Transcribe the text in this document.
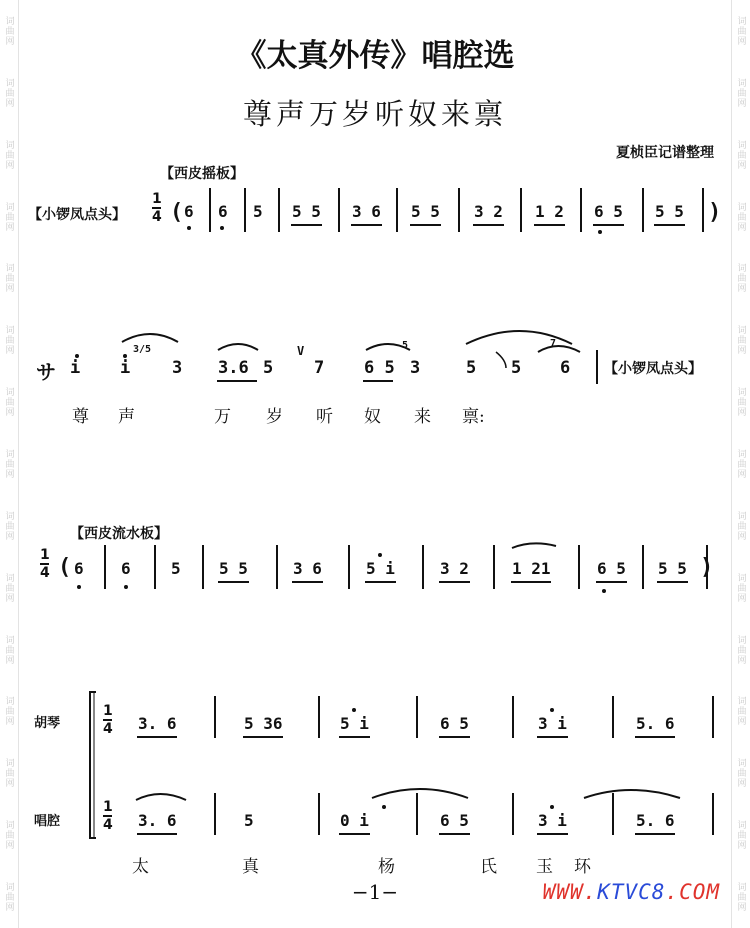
词曲网
词曲网
词曲网
词曲网
词曲网
词曲网
词曲网
词曲网
词曲网
词曲网
词曲网
词曲网
词曲网
词曲网
词曲网
词曲网
词曲网
词曲网
词曲网
词曲网
词曲网
词曲网
词曲网
词曲网
词曲网
词曲网
词曲网
词曲网
词曲网
词曲网
《太真外传》唱腔选
尊声万岁听奴来禀
夏桢臣记谱整理
【西皮摇板】
【小锣凤点头】
1
4 ( 6 6 5 5 5 3 6 5 5 3 2 1 2 6 5 5 5 )
サ i i 3 3.6 5 7 6 5 3	5 5 6
3/5	5	7
V
【小锣凤点头】
尊 声	万 岁 听 奴 来 禀:
【西皮流水板】
1
4 ( 6 6	5 5 5	3 6	5 i	3 2	1 21	6 5 5 5 )
胡琴
唱腔
1
4
1
4
3. 6	5 36	5 i	6 5	3 i	5. 6
3. 6	5	0 i	6 5	3 i	5. 6
太	真	杨	氏 玉 环
−1−	WWW.KTVC8.COM
